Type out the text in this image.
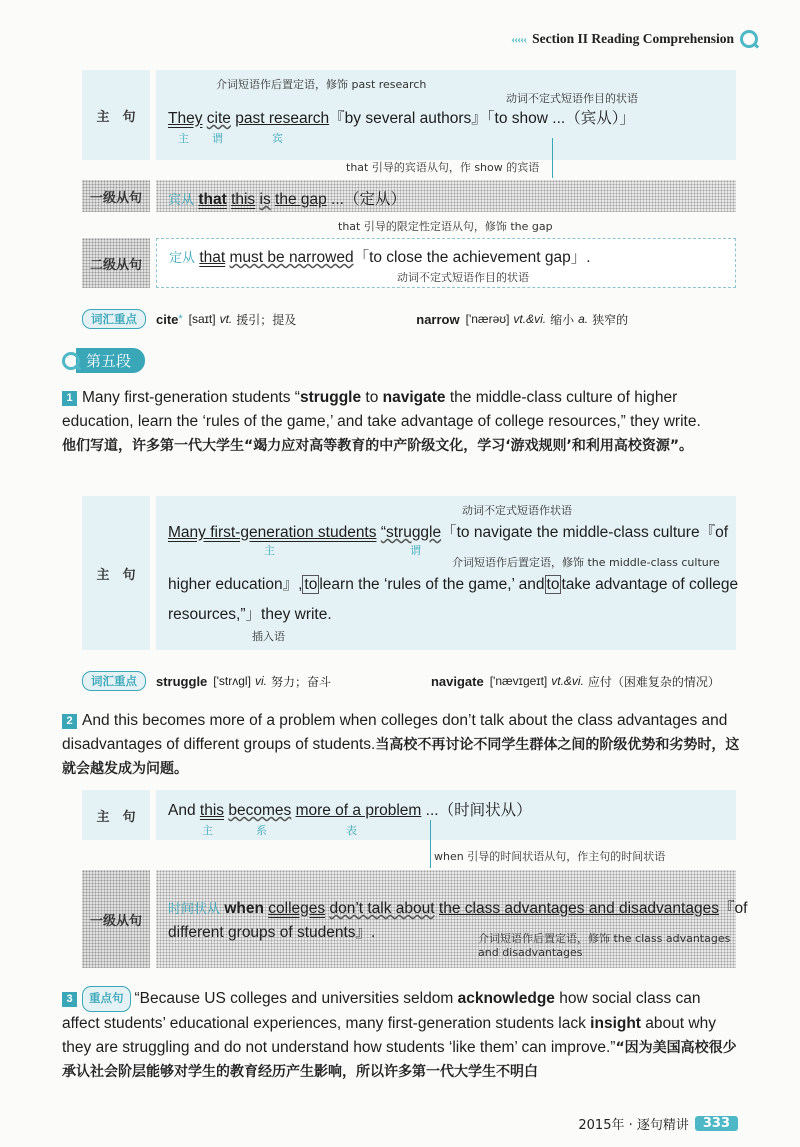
‹‹‹‹‹ Section II Reading Comprehension
主　句
介词短语作后置定语，修饰 past research
动词不定式短语作目的状语
They cite past research『by several authors』「to show ...（宾从）」
主 谓	宾
that 引导的宾语从句，作 show 的宾语
一级从句 宾从 that this is the gap ...（定从）
that 引导的限定性定语从句，修饰 the gap
二级从句 定从 that must be narrowed「to close the achievement gap」.
动词不定式短语作目的状语
词汇重点	cite * [saɪt] vt. 援引；提及	narrow ['nærəʊ] vt.&vi. 缩小 a. 狭窄的
第五段
1 Many first-generation students “struggle to navigate the middle-class culture of higher education, learn the ‘rules of the game,’ and take advantage of college resources,” they write.
他们写道，许多第一代大学生“竭力应对高等教育的中产阶级文化，学习‘游戏规则’和利用高校资源”。
主　句
动词不定式短语作状语
Many first-generation students “struggle「to navigate the middle-class culture『of
主	谓
介词短语作后置定语，修饰 the middle-class culture
higher education』, to learn the ‘rules of the game,’ and to take advantage of college
resources,”」they write.
插入语
词汇重点	struggle ['strʌgl] vi. 努力；奋斗	navigate ['nævɪgeɪt] vt.&vi. 应付（困难复杂的情况）
2 And this becomes more of a problem when colleges don’t talk about the class advantages and disadvantages of different groups of students.当高校不再讨论不同学生群体之间的阶级优势和劣势时，这就会越发成为问题。
主　句 And this becomes more of a problem ...（时间状从）
主	系	表
when 引导的时间状语从句，作主句的时间状语
一级从句
时间状从 when colleges don’t talk about the class advantages and disadvantages『of
different groups of students』.	介词短语作后置定语，修饰 the class advantages and disadvantages
3 重点句 “Because US colleges and universities seldom acknowledge how social class can affect students’ educational experiences, many first-generation students lack insight about why they are struggling and do not understand how students ‘like them’ can improve.”“因为美国高校很少承认社会阶层能够对学生的教育经历产生影响，所以许多第一代大学生不明白
2015年 · 逐句精讲	333
